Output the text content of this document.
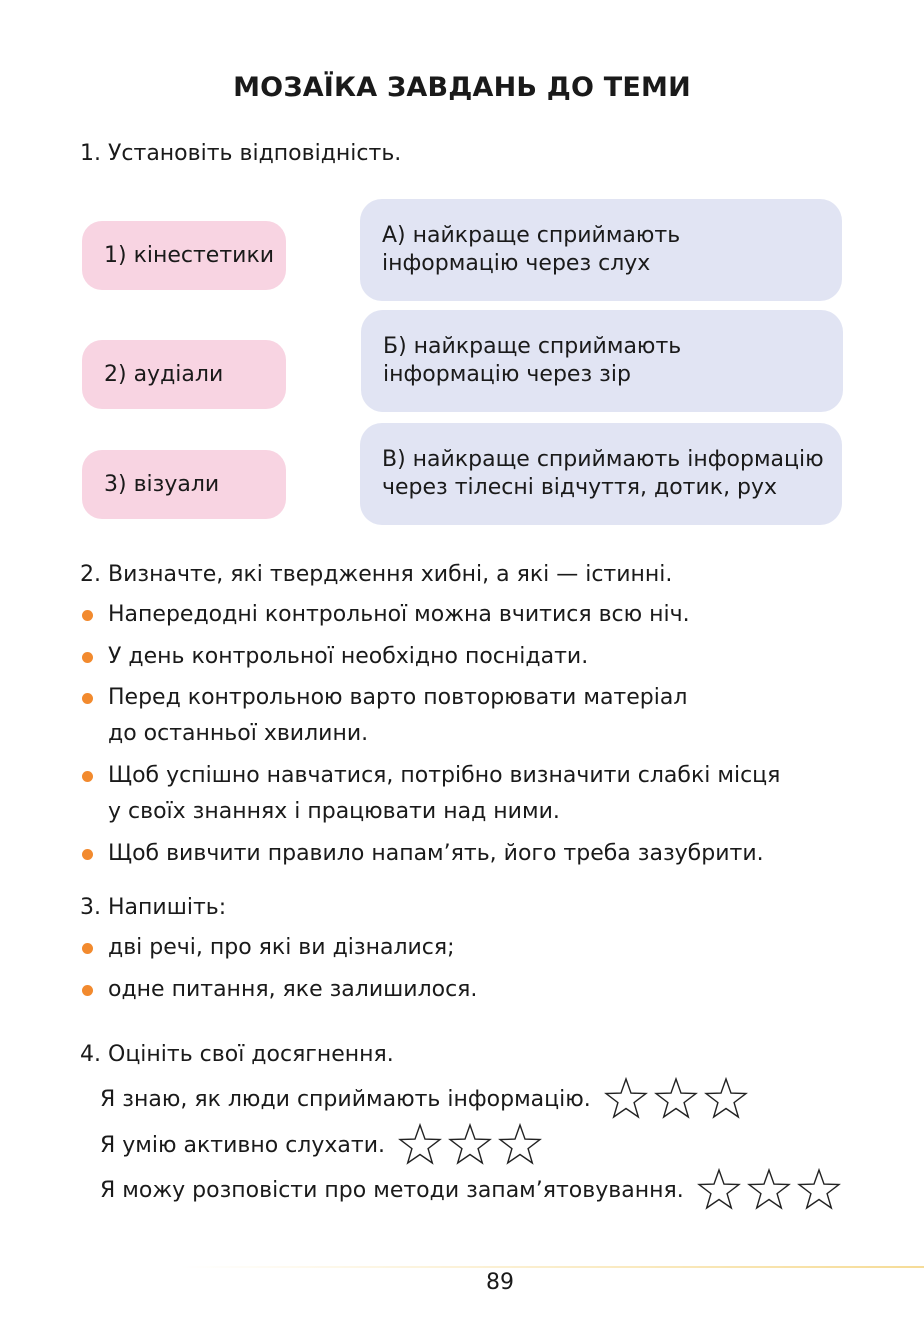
МОЗАЇКА ЗАВДАНЬ ДО ТЕМИ
1. Установіть відповідність.
1) кінестетики
2) аудіали
3) візуали
А) найкраще сприймають
інформацію через слух
Б) найкраще сприймають
інформацію через зір
В) найкраще сприймають інформацію
через тілесні відчуття, дотик, рух
2. Визначте, які твердження хибні, а які — істинні.
Напередодні контрольної можна вчитися всю ніч.
У день контрольної необхідно поснідати.
Перед контрольною варто повторювати матеріал
до останньої хвилини.
Щоб успішно навчатися, потрібно визначити слабкі місця
у своїх знаннях і працювати над ними.
Щоб вивчити правило напам’ять, його треба зазубрити.
3. Напишіть:
дві речі, про які ви дізналися;
одне питання, яке залишилося.
4. Оцініть свої досягнення.
Я знаю, як люди сприймають інформацію.
Я умію активно слухати.
Я можу розповісти про методи запам’ятовування.
89
